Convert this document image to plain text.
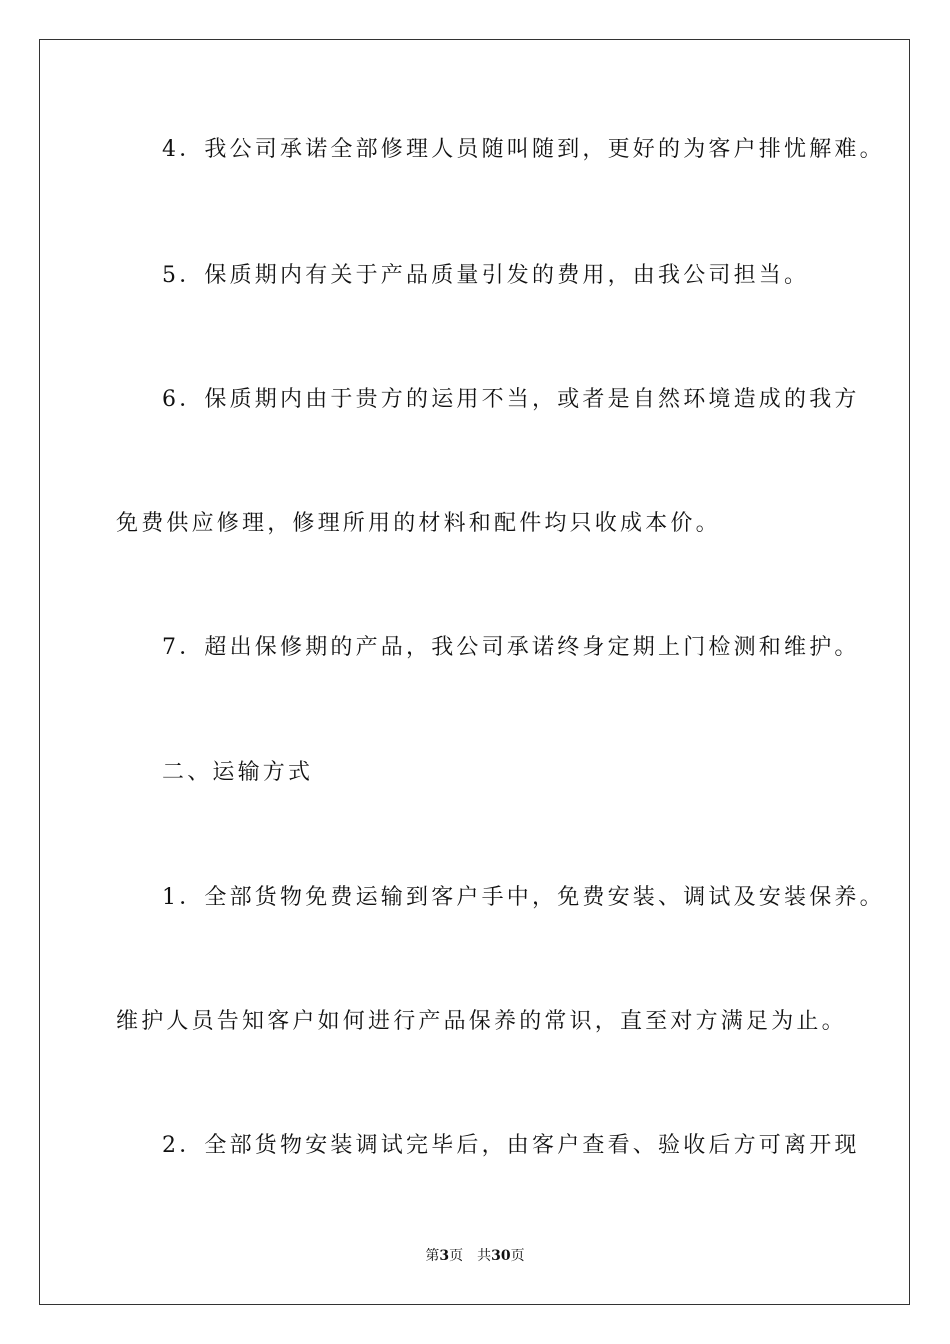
4．我公司承诺全部修理人员随叫随到，更好的为客户排忧解难。
5．保质期内有关于产品质量引发的费用，由我公司担当。
6．保质期内由于贵方的运用不当，或者是自然环境造成的我方
免费供应修理，修理所用的材料和配件均只收成本价。
7．超出保修期的产品，我公司承诺终身定期上门检测和维护。
二、运输方式
1．全部货物免费运输到客户手中，免费安装、调试及安装保养。
维护人员告知客户如何进行产品保养的常识，直至对方满足为止。
2．全部货物安装调试完毕后，由客户查看、验收后方可离开现
第3页 共30页
